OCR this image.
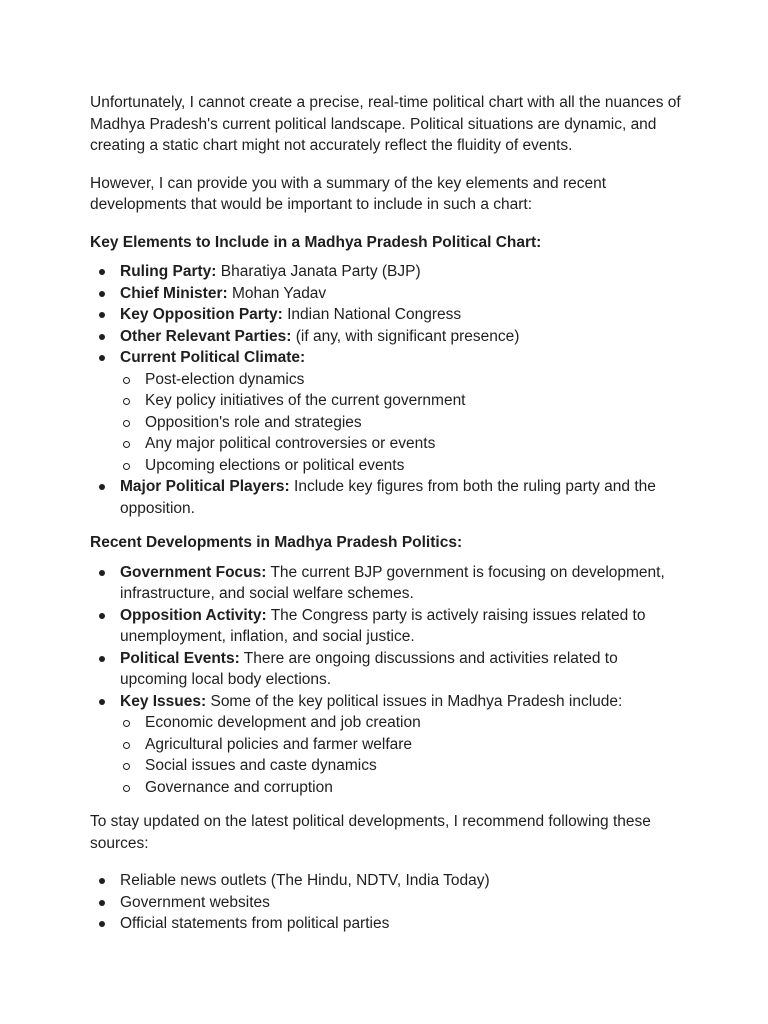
Unfortunately, I cannot create a precise, real-time political chart with all the nuances of Madhya Pradesh's current political landscape. Political situations are dynamic, and creating a static chart might not accurately reflect the fluidity of events.

However, I can provide you with a summary of the key elements and recent developments that would be important to include in such a chart:

Key Elements to Include in a Madhya Pradesh Political Chart:

Ruling Party: Bharatiya Janata Party (BJP)
Chief Minister: Mohan Yadav
Key Opposition Party: Indian National Congress
Other Relevant Parties: (if any, with significant presence)
Current Political Climate:
Post-election dynamics
Key policy initiatives of the current government
Opposition's role and strategies
Any major political controversies or events
Upcoming elections or political events
Major Political Players: Include key figures from both the ruling party and the opposition.

Recent Developments in Madhya Pradesh Politics:

Government Focus: The current BJP government is focusing on development, infrastructure, and social welfare schemes.
Opposition Activity: The Congress party is actively raising issues related to unemployment, inflation, and social justice.
Political Events: There are ongoing discussions and activities related to upcoming local body elections.
Key Issues: Some of the key political issues in Madhya Pradesh include:
Economic development and job creation
Agricultural policies and farmer welfare
Social issues and caste dynamics
Governance and corruption

To stay updated on the latest political developments, I recommend following these sources:

Reliable news outlets (The Hindu, NDTV, India Today)
Government websites
Official statements from political parties
